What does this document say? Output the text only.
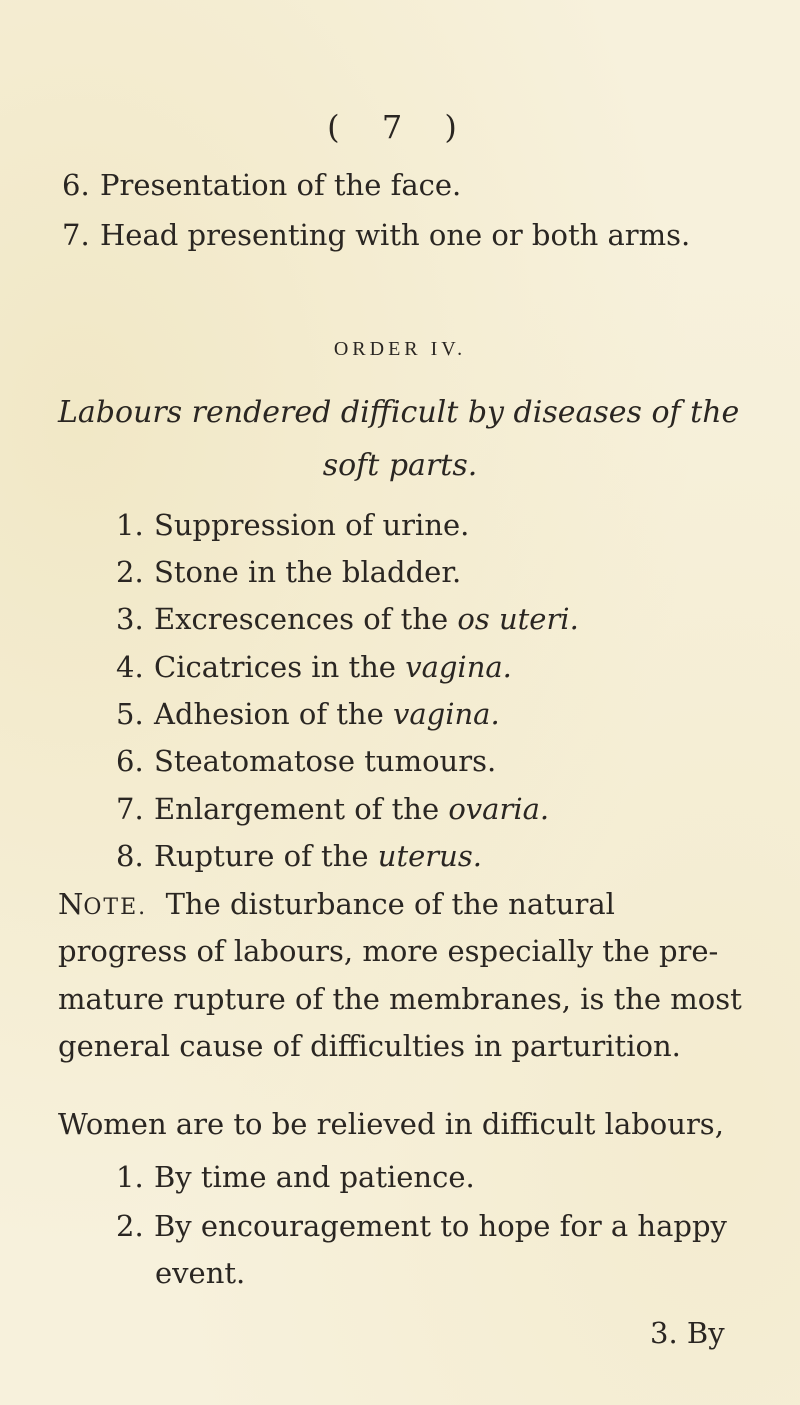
( 7 )
6. Presentation of the face.
7. Head presenting with one or both arms.
ORDER IV.
Labours rendered difficult by diseases of the
soft parts.
1. Suppression of urine.
2. Stone in the bladder.
3. Excrescences of the os uteri.
4. Cicatrices in the vagina.
5. Adhesion of the vagina.
6. Steatomatose tumours.
7. Enlargement of the ovaria.
8. Rupture of the uterus.
NOTE. The disturbance of the natural
progress of labours, more especially the pre-
mature rupture of the membranes, is the most
general cause of difficulties in parturition.
Women are to be relieved in difficult labours,
1. By time and patience.
2. By encouragement to hope for a happy
event.
3. By
